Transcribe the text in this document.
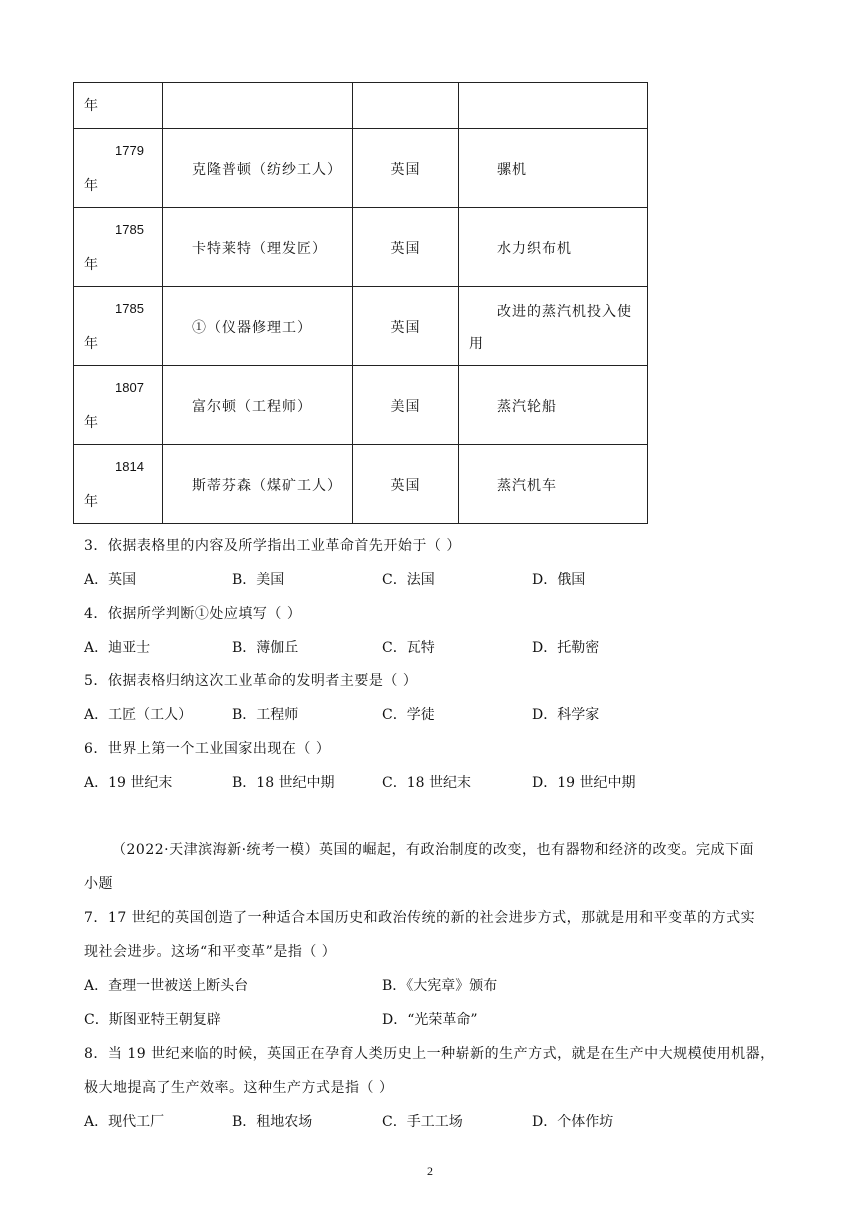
年			

1779
年	克隆普顿（纺纱工人）	英国	骡机

1785
年	卡特莱特（理发匠）	英国	水力织布机

1785
年	①（仪器修理工）	英国	改进的蒸汽机投入使
用

1807
年	富尔顿（工程师）	美国	蒸汽轮船

1814
年	斯蒂芬森（煤矿工人）	英国	蒸汽机车
3．依据表格里的内容及所学指出工业革命首先开始于（ ）
A．英国	B．美国	C．法国	D．俄国
4．依据所学判断①处应填写（ ）
A．迪亚士	B．薄伽丘	C．瓦特	D．托勒密
5．依据表格归纳这次工业革命的发明者主要是（ ）
A．工匠（工人）	B．工程师	C．学徒	D．科学家
6．世界上第一个工业国家出现在（ ）
A．19 世纪末	B．18 世纪中期	C．18 世纪末	D．19 世纪中期
（2022·天津滨海新·统考一模）英国的崛起，有政治制度的改变，也有器物和经济的改变。完成下面
小题
7．17 世纪的英国创造了一种适合本国历史和政治传统的新的社会进步方式，那就是用和平变革的方式实
现社会进步。这场“和平变革”是指（ ）
A．查理一世被送上断头台	B．《大宪章》颁布
C．斯图亚特王朝复辟	D．“光荣革命”
8．当 19 世纪来临的时候，英国正在孕育人类历史上一种崭新的生产方式，就是在生产中大规模使用机器，
极大地提高了生产效率。这种生产方式是指（ ）
A．现代工厂	B．租地农场	C．手工工场	D．个体作坊
2
